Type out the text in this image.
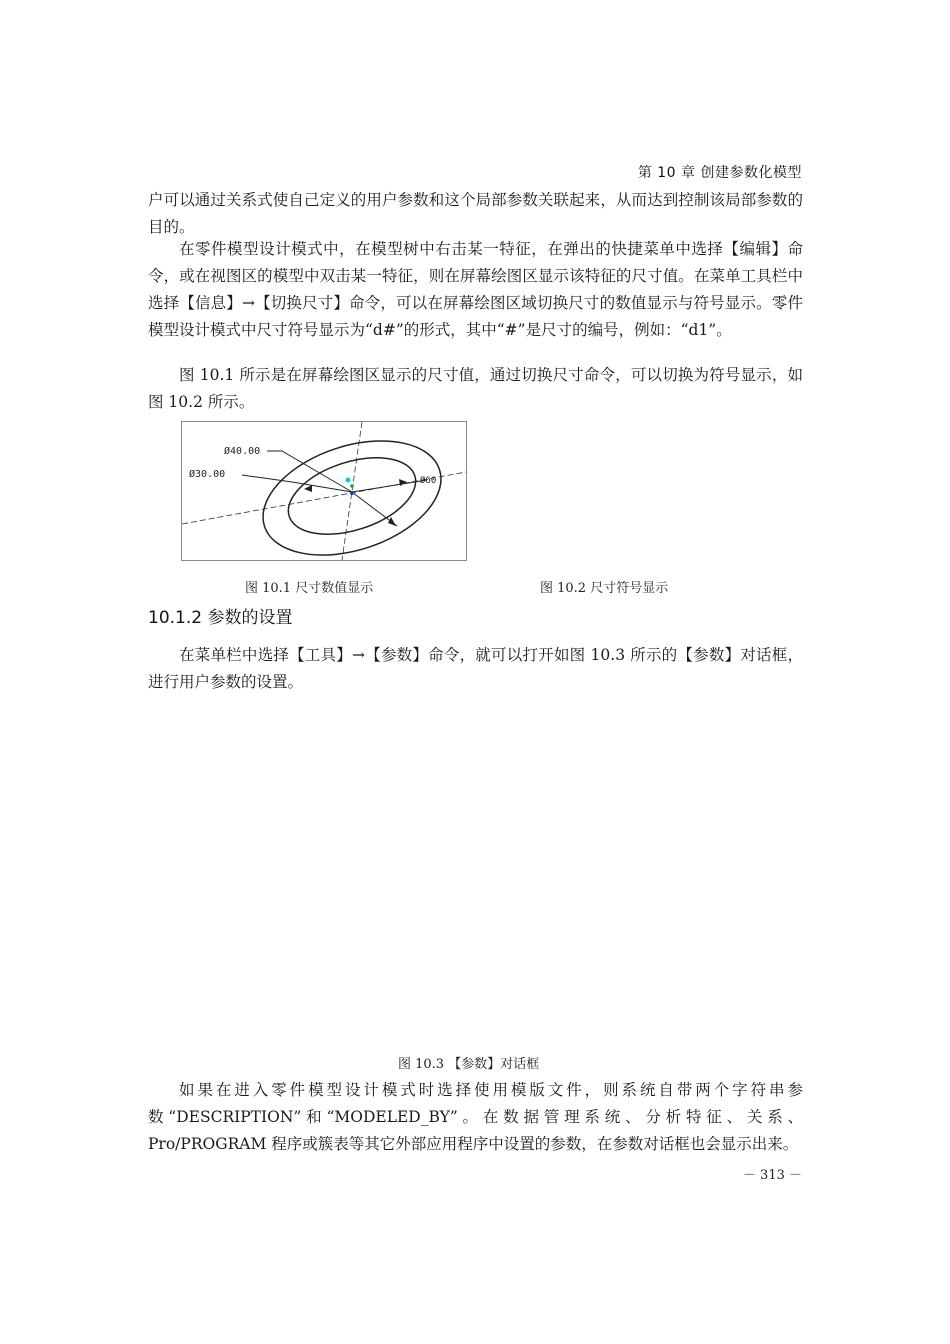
第 10 章 创建参数化模型

户可以通过关系式使自己定义的用户参数和这个局部参数关联起来，从而达到控制该局部参数的目的。

在零件模型设计模式中，在模型树中右击某一特征，在弹出的快捷菜单中选择【编辑】命令，或在视图区的模型中双击某一特征，则在屏幕绘图区显示该特征的尺寸值。在菜单工具栏中选择【信息】→【切换尺寸】命令，可以在屏幕绘图区域切换尺寸的数值显示与符号显示。零件模型设计模式中尺寸符号显示为“d#”的形式，其中“#”是尺寸的编号，例如：“d1”。

图 10.1 所示是在屏幕绘图区显示的尺寸值，通过切换尺寸命令，可以切换为符号显示，如图 10.2 所示。

Ø40.00
Ø30.00
Ø60
图 10.1 尺寸数值显示	图 10.2 尺寸符号显示
10.1.2 参数的设置

在菜单栏中选择【工具】→【参数】命令，就可以打开如图 10.3 所示的【参数】对话框，进行用户参数的设置。

图 10.3 【参数】对话框

如果在进入零件模型设计模式时选择使用模版文件，则系统自带两个字符串参数“DESCRIPTION”和“MODELED_BY”。在数据管理系统、分析特征、关系、Pro/PROGRAM 程序或簇表等其它外部应用程序中设置的参数，在参数对话框也会显示出来。

－ 313 －
